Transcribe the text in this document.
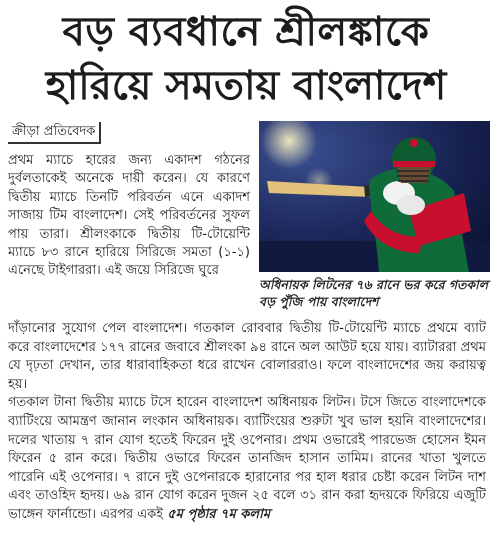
বড় ব্যবধানে শ্রীলঙ্কাকে
হারিয়ে সমতায় বাংলাদেশ
ক্রীড়া প্রতিবেদক
প্রথম ম্যাচে হারের জন্য একাদশ গঠনের দুর্বলতাকেই অনেকে দায়ী করেন। যে কারণে দ্বিতীয় ম্যাচে তিনটি পরিবর্তন এনে একাদশ সাজায় টিম বাংলাদেশ। সেই পরিবর্তনের সুফল পায় তারা। শ্রীলংকাকে দ্বিতীয় টি-টোয়েন্টি ম্যাচে ৮৩ রানে হারিয়ে সিরিজে সমতা (১-১) এনেছে টাইগাররা। এই জয়ে সিরিজে ঘুরে
অধিনায়ক লিটনের ৭৬ রানে ভর করে গতকাল বড় পুঁজি পায় বাংলাদেশ

দাঁড়ানোর সুযোগ পেল বাংলাদেশ। গতকাল রোববার দ্বিতীয় টি-টোয়েন্টি ম্যাচে প্রথমে ব্যাট করে বাংলাদেশের ১৭৭ রানের জবাবে শ্রীলংকা ৯৪ রানে অল আউট হয়ে যায়। ব্যাটাররা প্রথম যে দৃঢ়তা দেখান, তার ধারাবাহিকতা ধরে রাখেন বোলাররাও। ফলে বাংলাদেশের জয় করায়ত্ব হয়।

গতকাল টানা দ্বিতীয় ম্যাচে টসে হারেন বাংলাদেশ অধিনায়ক লিটন। টসে জিতে বাংলাদেশকে ব্যাটিংয়ে আমন্ত্রণ জানান লংকান অধিনায়ক। ব্যাটিংয়ের শুরুটা খুব ভাল হয়নি বাংলাদেশের। দলের খাতায় ৭ রান যোগ হতেই ফিরেন দুই ওপেনার। প্রথম ওভারেই পারভেজ হোসেন ইমন ফিরেন ৫ রান করে। দ্বিতীয় ওভারে ফিরেন তানজিদ হাসান তামিম। রানের খাতা খুলতে পারেনি এই ওপেনার। ৭ রানে দুই ওপেনারকে হারানোর পর হাল ধরার চেষ্টা করেন লিটন দাশ এবং তাওহিদ হৃদয়। ৬৯ রান যোগ করেন দুজন ২৫ বলে ৩১ রান করা হৃদয়কে ফিরিয়ে এজুটি ভাঙ্গেন ফার্নান্ডো। এরপর একই ৫ম পৃষ্ঠার ৭ম কলাম
